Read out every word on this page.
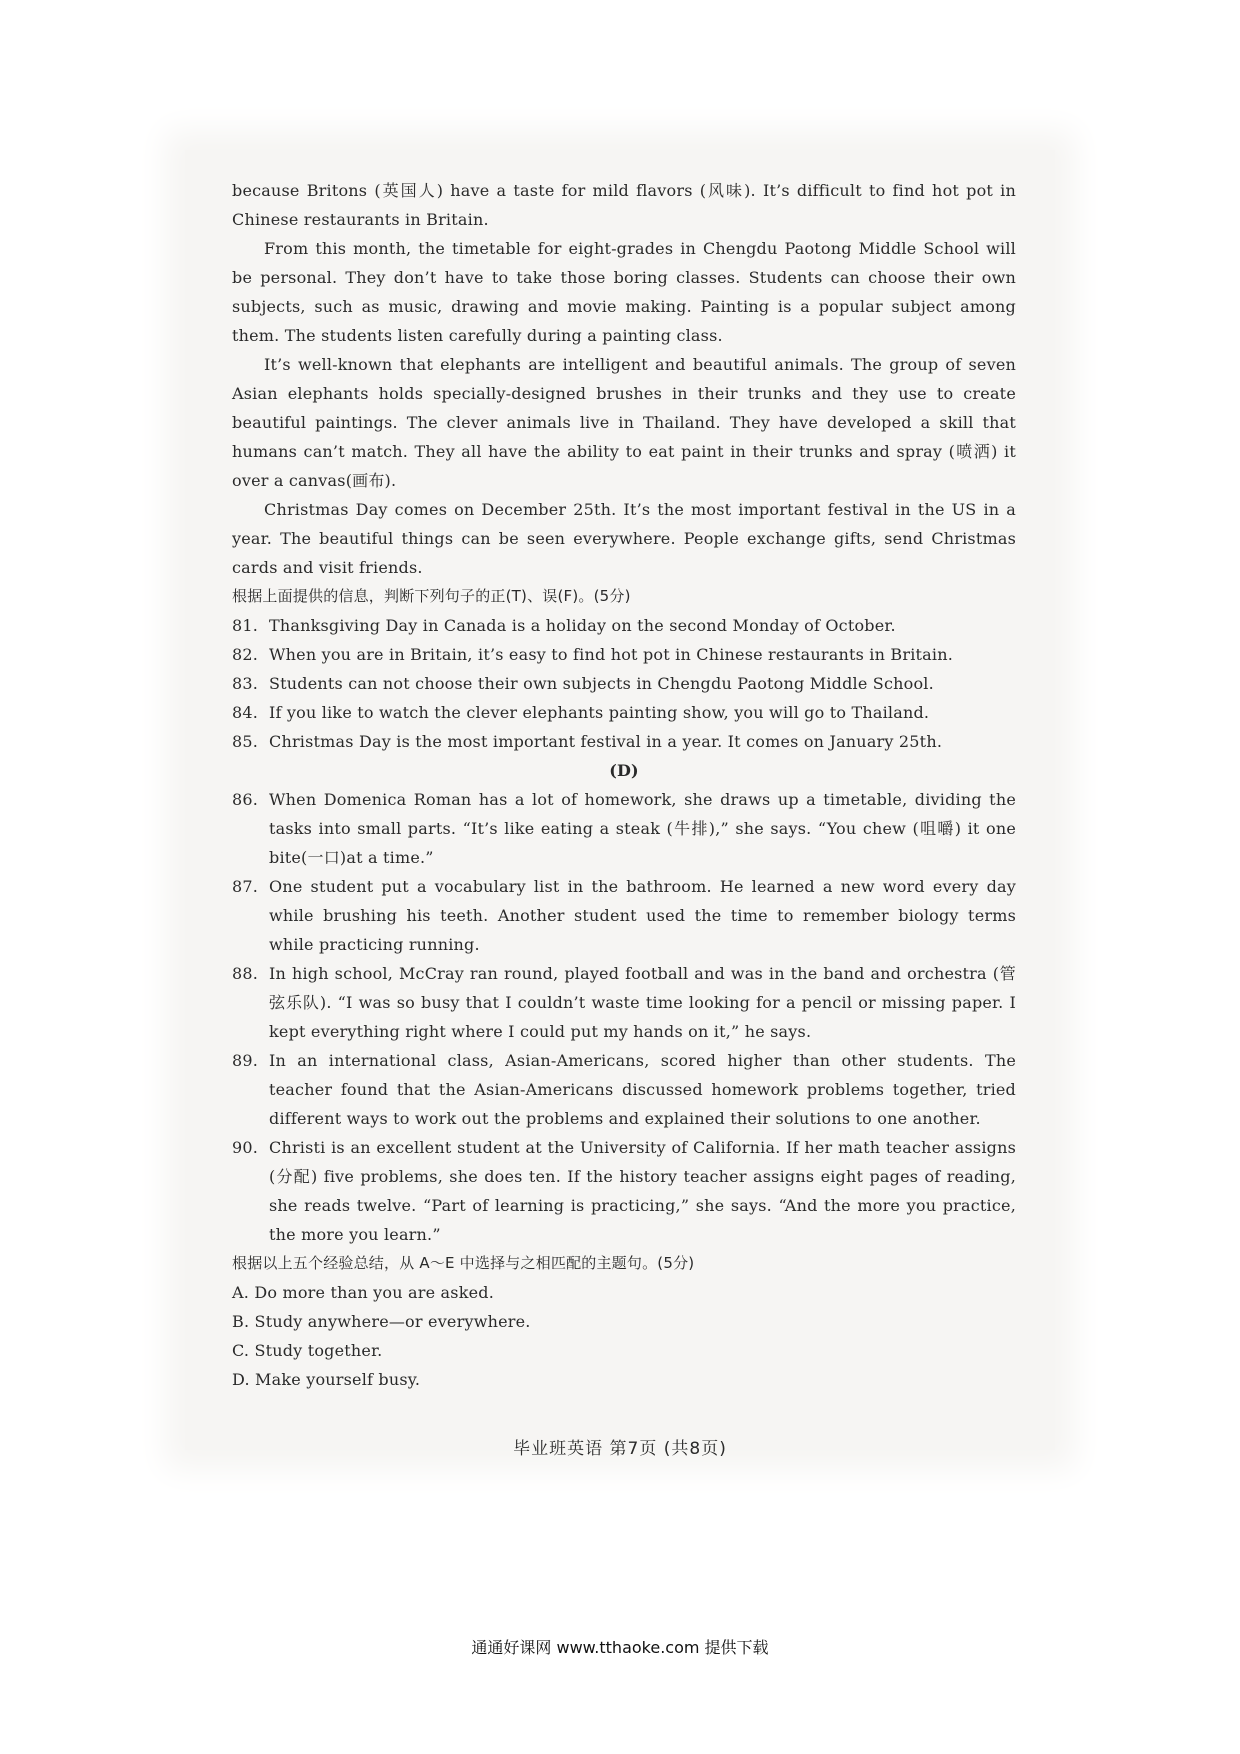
because Britons (英国人) have a taste for mild flavors (风味). It’s difficult to find hot pot in Chinese restaurants in Britain.

From this month, the timetable for eight-grades in Chengdu Paotong Middle School will be personal. They don’t have to take those boring classes. Students can choose their own subjects, such as music, drawing and movie making. Painting is a popular subject among them. The students listen carefully during a painting class.

It’s well-known that elephants are intelligent and beautiful animals. The group of seven Asian elephants holds specially-designed brushes in their trunks and they use to create beautiful paintings. The clever animals live in Thailand. They have developed a skill that humans can’t match. They all have the ability to eat paint in their trunks and spray (喷洒) it over a canvas(画布).

Christmas Day comes on December 25th. It’s the most important festival in the US in a year. The beautiful things can be seen everywhere. People exchange gifts, send Christmas cards and visit friends.

根据上面提供的信息，判断下列句子的正(T)、误(F)。(5分)

81. Thanksgiving Day in Canada is a holiday on the second Monday of October.
82. When you are in Britain, it’s easy to find hot pot in Chinese restaurants in Britain.
83. Students can not choose their own subjects in Chengdu Paotong Middle School.
84. If you like to watch the clever elephants painting show, you will go to Thailand.
85. Christmas Day is the most important festival in a year. It comes on January 25th.

(D)

86. When Domenica Roman has a lot of homework, she draws up a timetable, dividing the tasks into small parts. “It’s like eating a steak (牛排),” she says. “You chew (咀嚼) it one bite(一口)at a time.”
87. One student put a vocabulary list in the bathroom. He learned a new word every day while brushing his teeth. Another student used the time to remember biology terms while practicing running.
88. In high school, McCray ran round, played football and was in the band and orchestra (管弦乐队). “I was so busy that I couldn’t waste time looking for a pencil or missing paper. I kept everything right where I could put my hands on it,” he says.
89. In an international class, Asian-Americans, scored higher than other students. The teacher found that the Asian-Americans discussed homework problems together, tried different ways to work out the problems and explained their solutions to one another.
90. Christi is an excellent student at the University of California. If her math teacher assigns (分配) five problems, she does ten. If the history teacher assigns eight pages of reading, she reads twelve. “Part of learning is practicing,” she says. “And the more you practice, the more you learn.”

根据以上五个经验总结，从 A～E 中选择与之相匹配的主题句。(5分)

A. Do more than you are asked.

B. Study anywhere—or everywhere.

C. Study together.

D. Make yourself busy.

毕业班英语 第7页 (共8页)
通通好课网 www.tthaoke.com 提供下载
